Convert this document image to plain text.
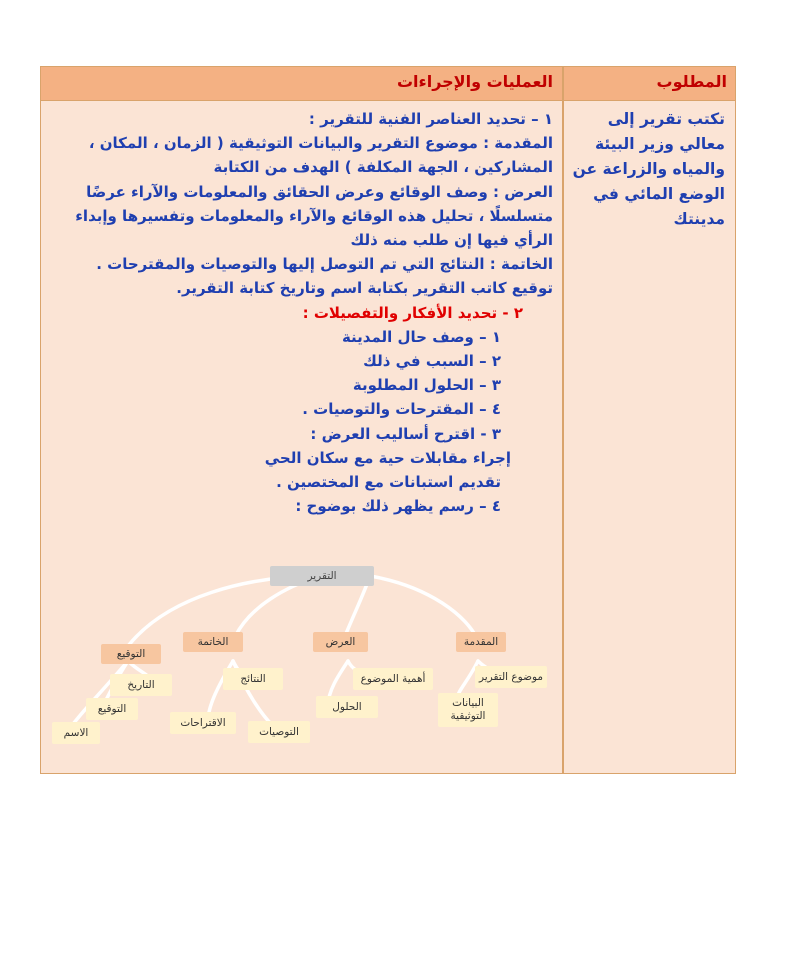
المطلوب
العمليات والإجراءات
تكتب تقرير إلى معالي وزير البيئة والمياه والزراعة عن الوضع المائي في مدينتك
١ – تحديد العناصر الفنية للتقرير :
المقدمة : موضوع التقرير والبيانات التوثيقية ( الزمان ، المكان ،
المشاركين ، الجهة المكلفة ) الهدف من الكتابة
العرض : وصف الوقائع وعرض الحقائق والمعلومات والآراء عرضًا
متسلسلًا ، تحليل هذه الوقائع والآراء والمعلومات وتفسيرها وإبداء
الرأي فيها إن طلب منه ذلك
الخاتمة : النتائج التي تم التوصل إليها والتوصيات والمقترحات .
توقيع كاتب التقرير بكتابة اسم وتاريخ كتابة التقرير.
٢ - تحديد الأفكار والتفصيلات :
١ – وصف حال المدينة
٢ – السبب في ذلك
٣ – الحلول المطلوبة
٤ – المقترحات والتوصيات .
٣ - اقترح أساليب العرض :
إجراء مقابلات حية مع سكان الحي
تقديم استبانات مع المختصين .
٤ – رسم يظهر ذلك بوضوح :
التقرير
المقدمة
العرض
الخاتمة
التوقيع
موضوع التقرير
البيانات التوثيقية
أهمية الموضوع
الحلول
النتائج
الاقتراحات
التوصيات
التاريخ
التوقيع
الاسم
